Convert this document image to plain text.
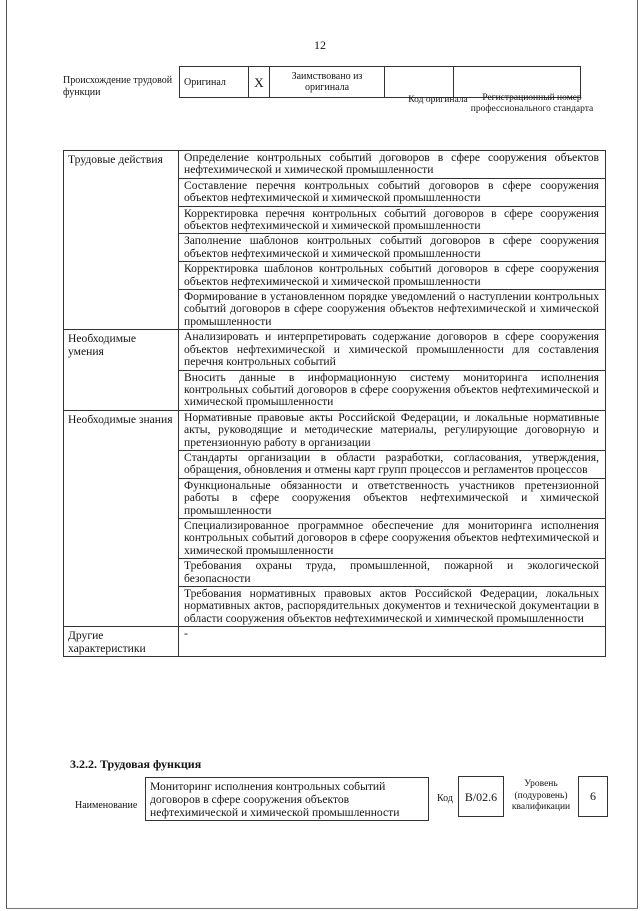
12
Происхождение трудовой функции
Оригинал	X	Заимствовано из оригинала		
Код оригинала	Регистрационный номер профессионального стандарта
Трудовые действия	Определение контрольных событий договоров в сфере сооружения объектов нефтехимической и химической промышленности
	Составление перечня контрольных событий договоров в сфере сооружения объектов нефтехимической и химической промышленности
	Корректировка перечня контрольных событий договоров в сфере сооружения объектов нефтехимической и химической промышленности
	Заполнение шаблонов контрольных событий договоров в сфере сооружения объектов нефтехимической и химической промышленности
	Корректировка шаблонов контрольных событий договоров в сфере сооружения объектов нефтехимической и химической промышленности
	Формирование в установленном порядке уведомлений о наступлении контрольных событий договоров в сфере сооружения объектов нефтехимической и химической промышленности
Необходимые умения	Анализировать и интерпретировать содержание договоров в сфере сооружения объектов нефтехимической и химической промышленности для составления перечня контрольных событий
	Вносить данные в информационную систему мониторинга исполнения контрольных событий договоров в сфере сооружения объектов нефтехимической и химической промышленности
Необходимые знания	Нормативные правовые акты Российской Федерации, и локальные нормативные акты, руководящие и методические материалы, регулирующие договорную и претензионную работу в организации
	Стандарты организации в области разработки, согласования, утверждения, обращения, обновления и отмены карт групп процессов и регламентов процессов
	Функциональные обязанности и ответственность участников претензионной работы в сфере сооружения объектов нефтехимической и химической промышленности
	Специализированное программное обеспечение для мониторинга исполнения контрольных событий договоров в сфере сооружения объектов нефтехимической и химической промышленности
	Требования охраны труда, промышленной, пожарной и экологической безопасности
	Требования нормативных правовых актов Российской Федерации, локальных нормативных актов, распорядительных документов и технической документации в области сооружения объектов нефтехимической и химической промышленности
Другие характеристики	-
3.2.2. Трудовая функция
Наименование
Мониторинг исполнения контрольных событий договоров в сфере сооружения объектов нефтехимической и химической промышленности
Код B/02.6
Уровень (подуровень) квалификации
6
